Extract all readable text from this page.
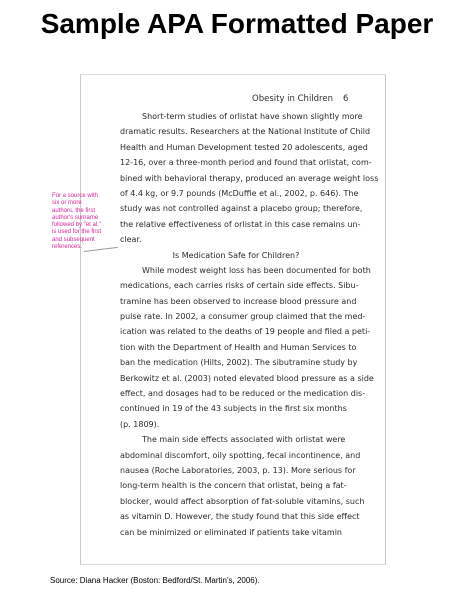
Sample APA Formatted Paper
Obesity in Children 6
For a source with
six or more
authors, the first
author's surname
followed by "et al."
is used for the first
and subsequent
references.
Short-term studies of orlistat have shown slightly more
dramatic results. Researchers at the National Institute of Child
Health and Human Development tested 20 adolescents, aged
12-16, over a three-month period and found that orlistat, com-
bined with behavioral therapy, produced an average weight loss
of 4.4 kg, or 9.7 pounds (McDuffie et al., 2002, p. 646). The
study was not controlled against a placebo group; therefore,
the relative effectiveness of orlistat in this case remains un-
clear.
Is Medication Safe for Children?
While modest weight loss has been documented for both
medications, each carries risks of certain side effects. Sibu-
tramine has been observed to increase blood pressure and
pulse rate. In 2002, a consumer group claimed that the med-
ication was related to the deaths of 19 people and filed a peti-
tion with the Department of Health and Human Services to
ban the medication (Hilts, 2002). The sibutramine study by
Berkowitz et al. (2003) noted elevated blood pressure as a side
effect, and dosages had to be reduced or the medication dis-
continued in 19 of the 43 subjects in the first six months
(p. 1809).
The main side effects associated with orlistat were
abdominal discomfort, oily spotting, fecal incontinence, and
nausea (Roche Laboratories, 2003, p. 13). More serious for
long-term health is the concern that orlistat, being a fat-
blocker, would affect absorption of fat-soluble vitamins, such
as vitamin D. However, the study found that this side effect
can be minimized or eliminated if patients take vitamin
Source: Diana Hacker (Boston: Bedford/St. Martin's, 2006).
